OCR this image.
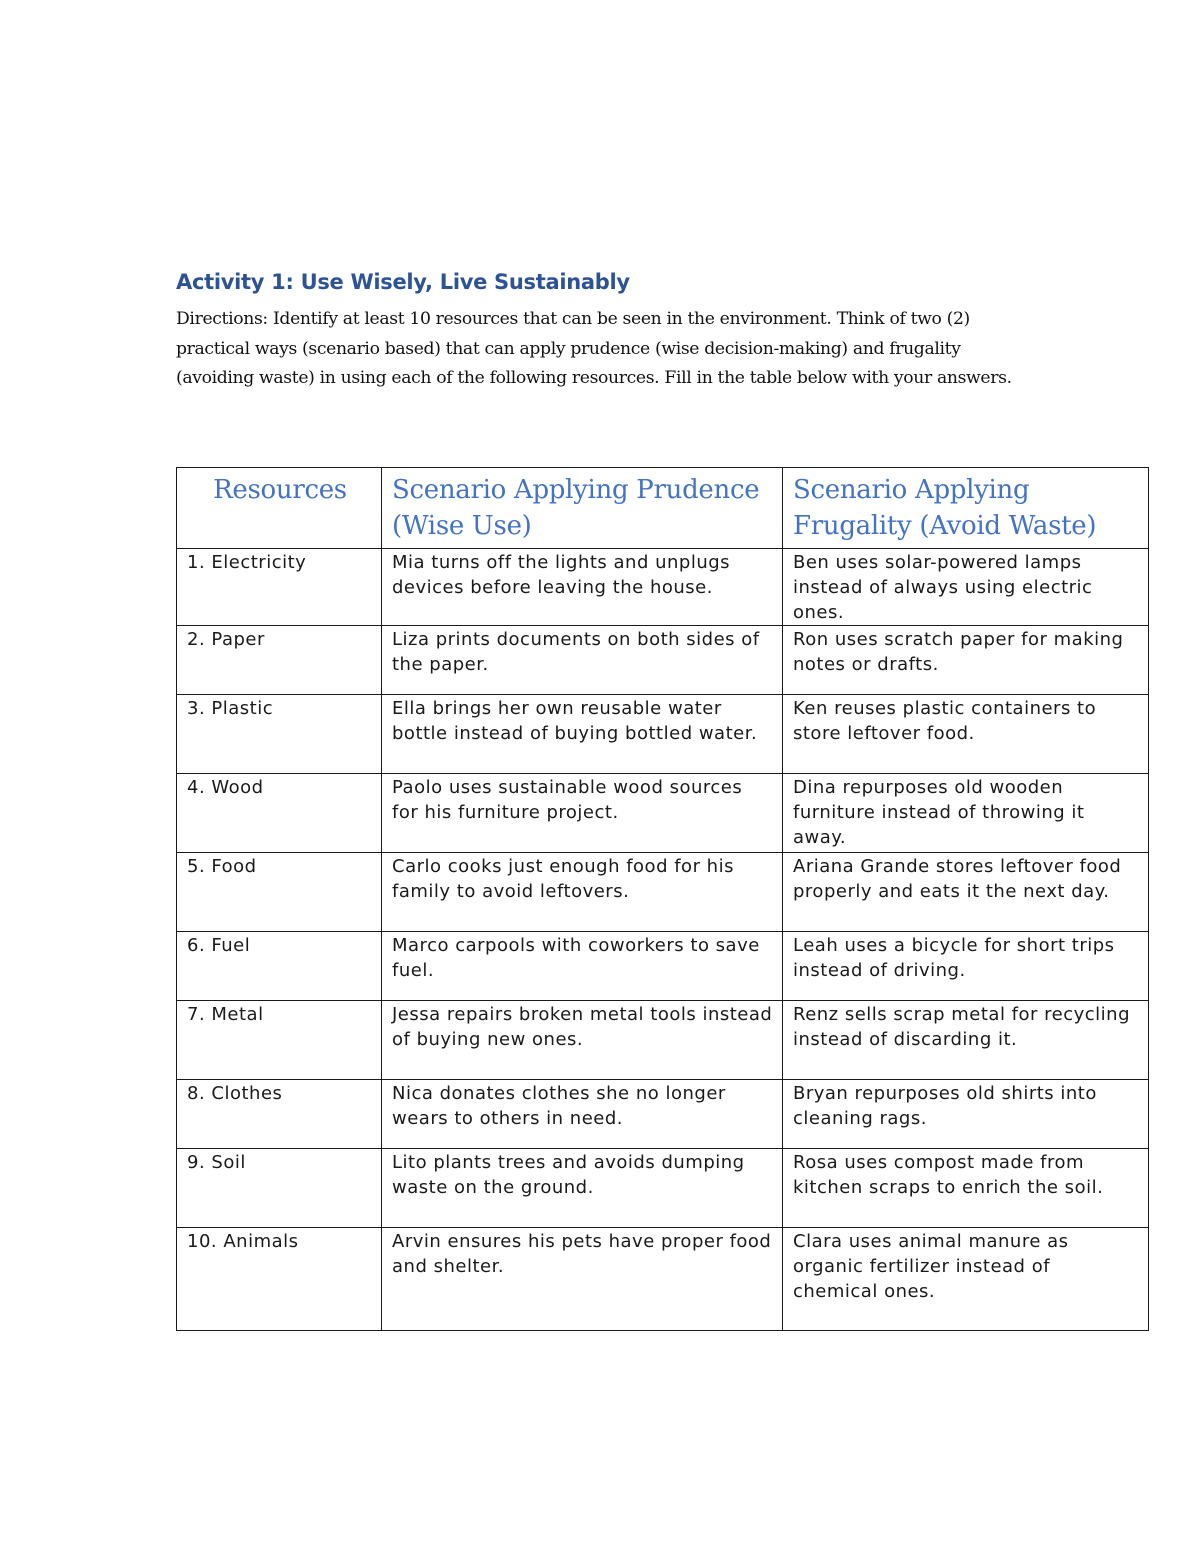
Activity 1: Use Wisely, Live Sustainably

Directions: Identify at least 10 resources that can be seen in the environment. Think of two (2) practical ways (scenario based) that can apply prudence (wise decision-making) and frugality (avoiding waste) in using each of the following resources. Fill in the table below with your answers.

Resources	Scenario Applying Prudence (Wise Use)	Scenario Applying Frugality (Avoid Waste)
1. Electricity	Mia turns off the lights and unplugs devices before leaving the house.	Ben uses solar-powered lamps instead of always using electric ones.
2. Paper	Liza prints documents on both sides of the paper.	Ron uses scratch paper for making notes or drafts.
3. Plastic	Ella brings her own reusable water bottle instead of buying bottled water.	Ken reuses plastic containers to store leftover food.
4. Wood	Paolo uses sustainable wood sources for his furniture project.	Dina repurposes old wooden furniture instead of throwing it away.
5. Food	Carlo cooks just enough food for his family to avoid leftovers.	Ariana Grande stores leftover food properly and eats it the next day.
6. Fuel	Marco carpools with coworkers to save fuel.	Leah uses a bicycle for short trips instead of driving.
7. Metal	Jessa repairs broken metal tools instead of buying new ones.	Renz sells scrap metal for recycling instead of discarding it.
8. Clothes	Nica donates clothes she no longer wears to others in need.	Bryan repurposes old shirts into cleaning rags.
9. Soil	Lito plants trees and avoids dumping waste on the ground.	Rosa uses compost made from kitchen scraps to enrich the soil.
10. Animals	Arvin ensures his pets have proper food and shelter.	Clara uses animal manure as organic fertilizer instead of chemical ones.
